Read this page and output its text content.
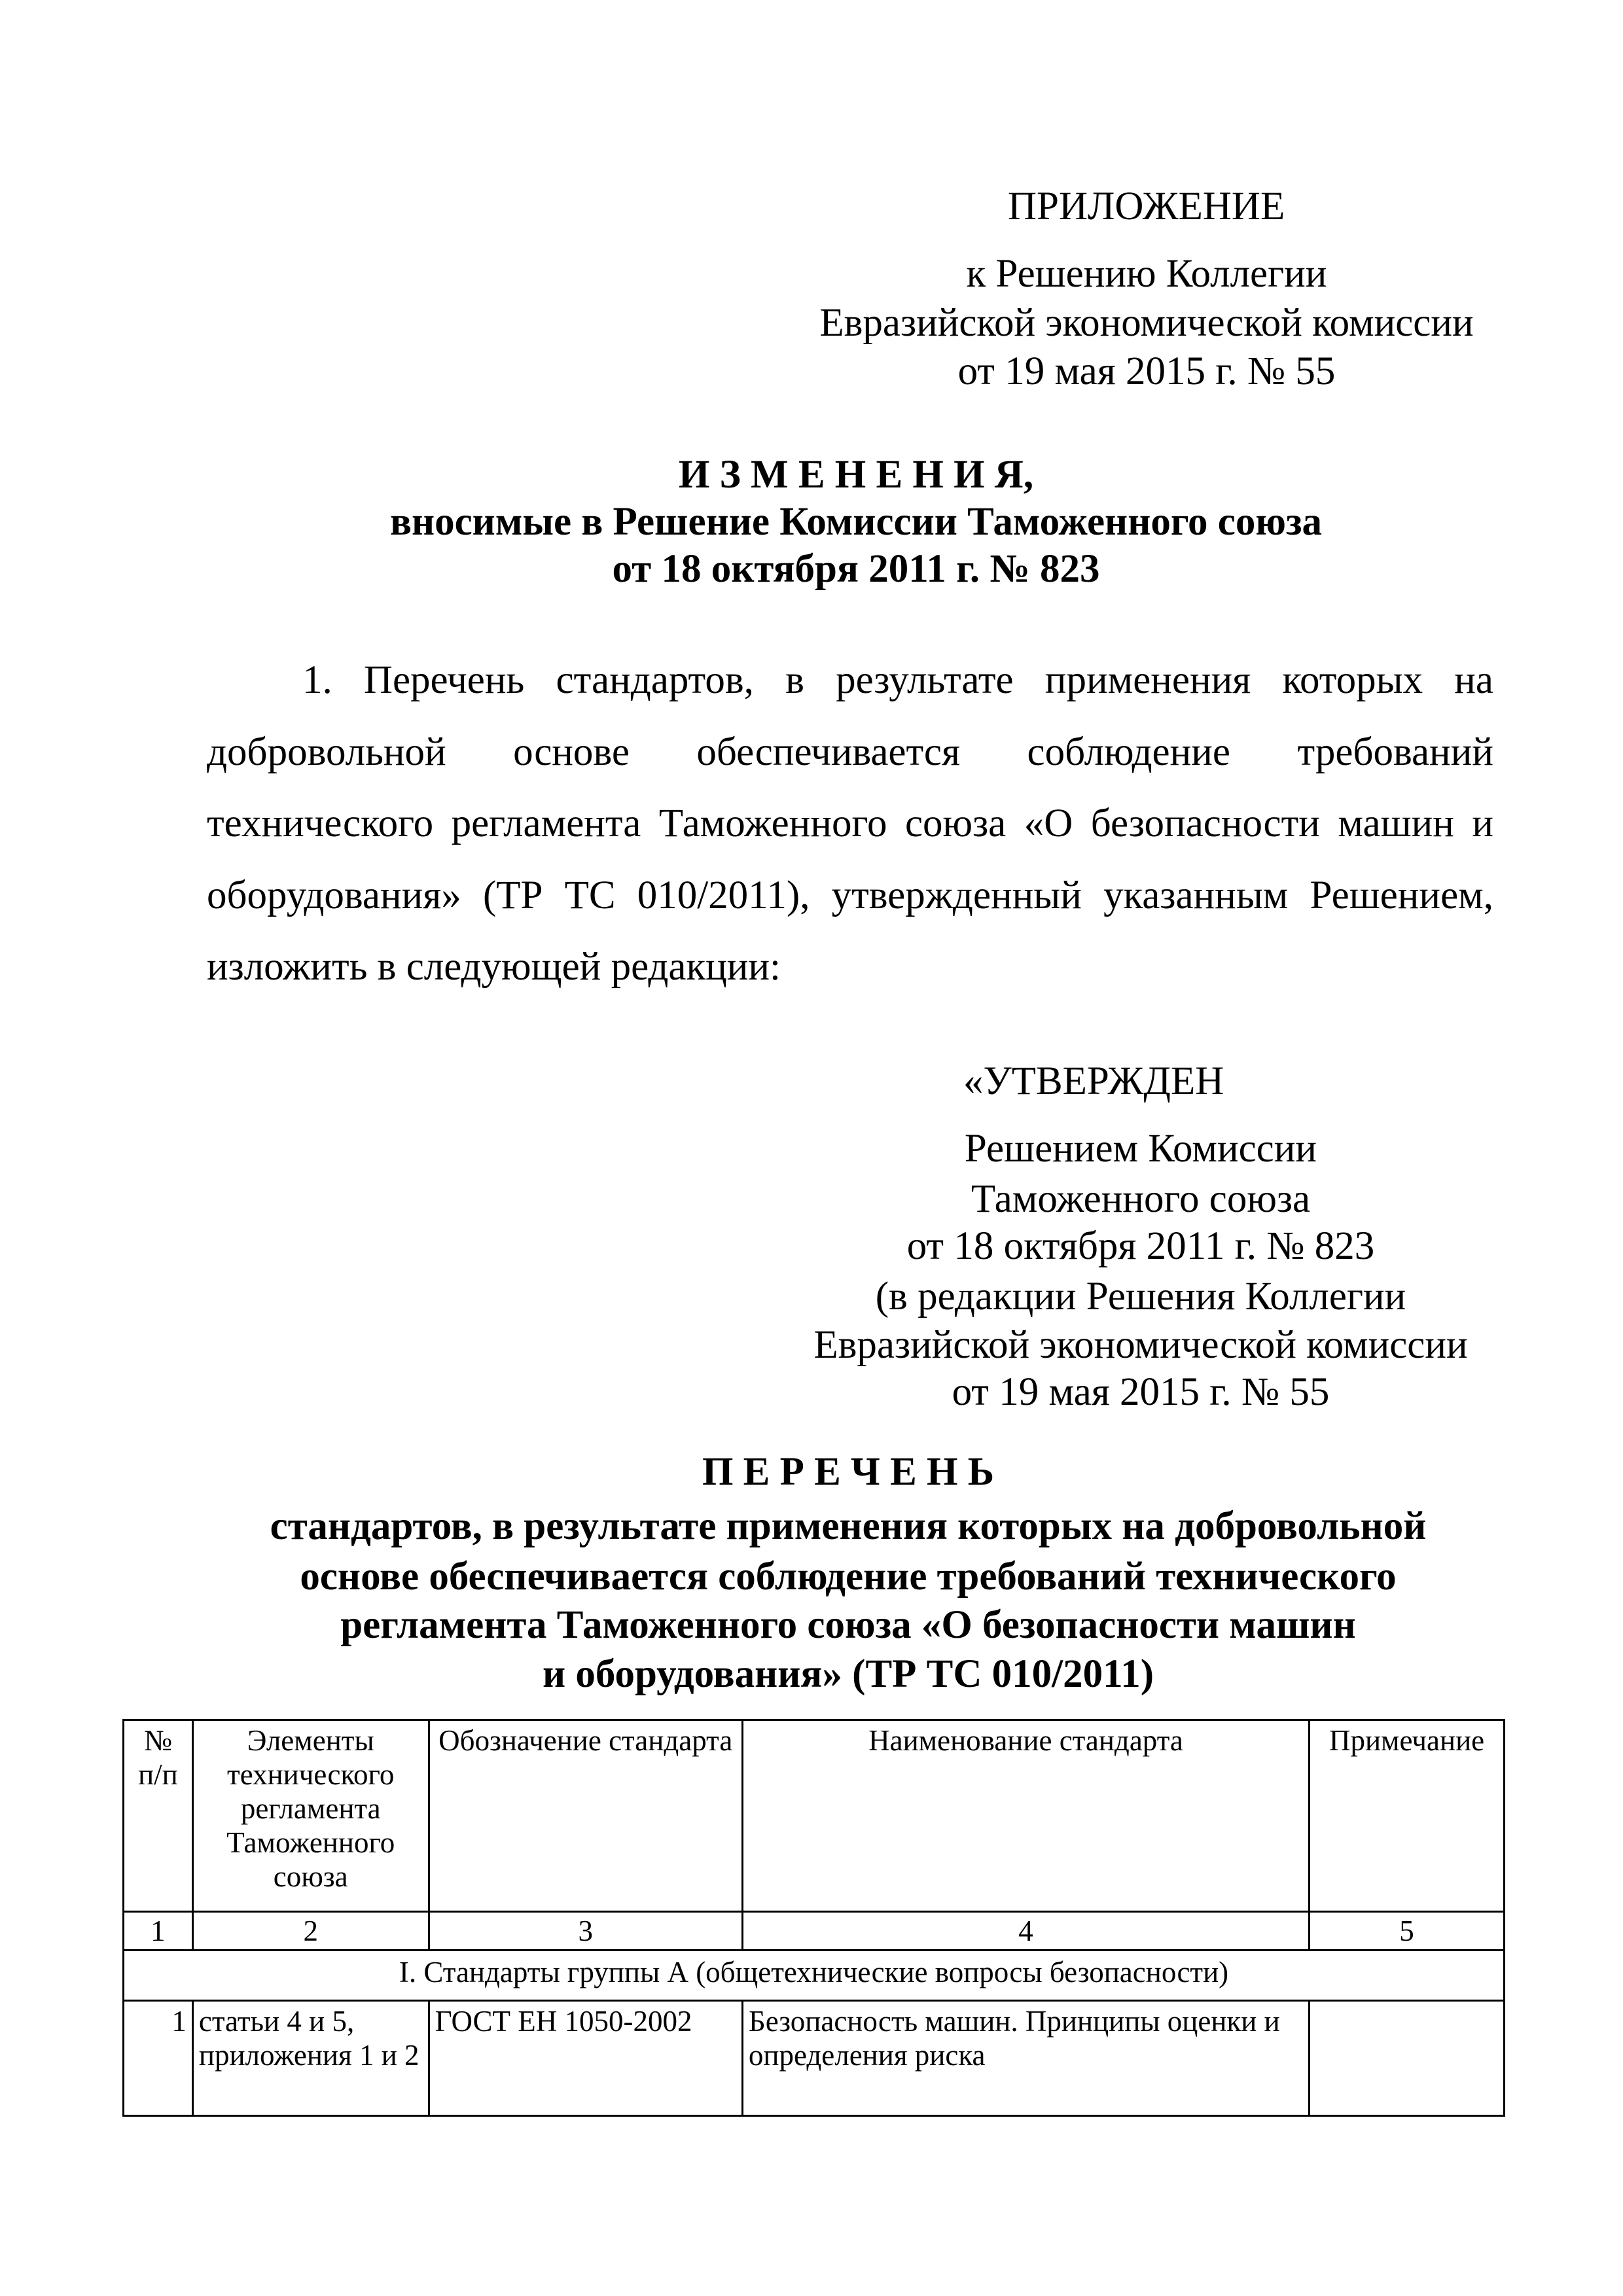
ПРИЛОЖЕНИЕ
к Решению Коллегии
Евразийской экономической комиссии
от 19 мая 2015 г. № 55
И З М Е Н Е Н И Я,
вносимые в Решение Комиссии Таможенного союза
от 18 октября 2011 г. № 823

1. Перечень стандартов, в результате применения которых на добровольной основе обеспечивается соблюдение требований технического регламента Таможенного союза «О безопасности машин и оборудования» (ТР ТС 010/2011), утвержденный указанным Решением, изложить в следующей редакции:

«УТВЕРЖДЕН
Решением Комиссии
Таможенного союза
от 18 октября 2011 г. № 823
(в редакции Решения Коллегии
Евразийской экономической комиссии
от 19 мая 2015 г. № 55
П Е Р Е Ч Е Н Ь
стандартов, в результате применения которых на добровольной
основе обеспечивается соблюдение требований технического
регламента Таможенного союза «О безопасности машин
и оборудования» (ТР ТС 010/2011)
№ п/п	Элементы технического регламента Таможенного союза	Обозначение стандарта	Наименование стандарта	Примечание
1	2	3	4	5
I. Стандарты группы А (общетехнические вопросы безопасности)				
1	статьи 4 и 5, приложения 1 и 2	ГОСТ ЕН 1050-2002	Безопасность машин. Принципы оценки и определения риска	
